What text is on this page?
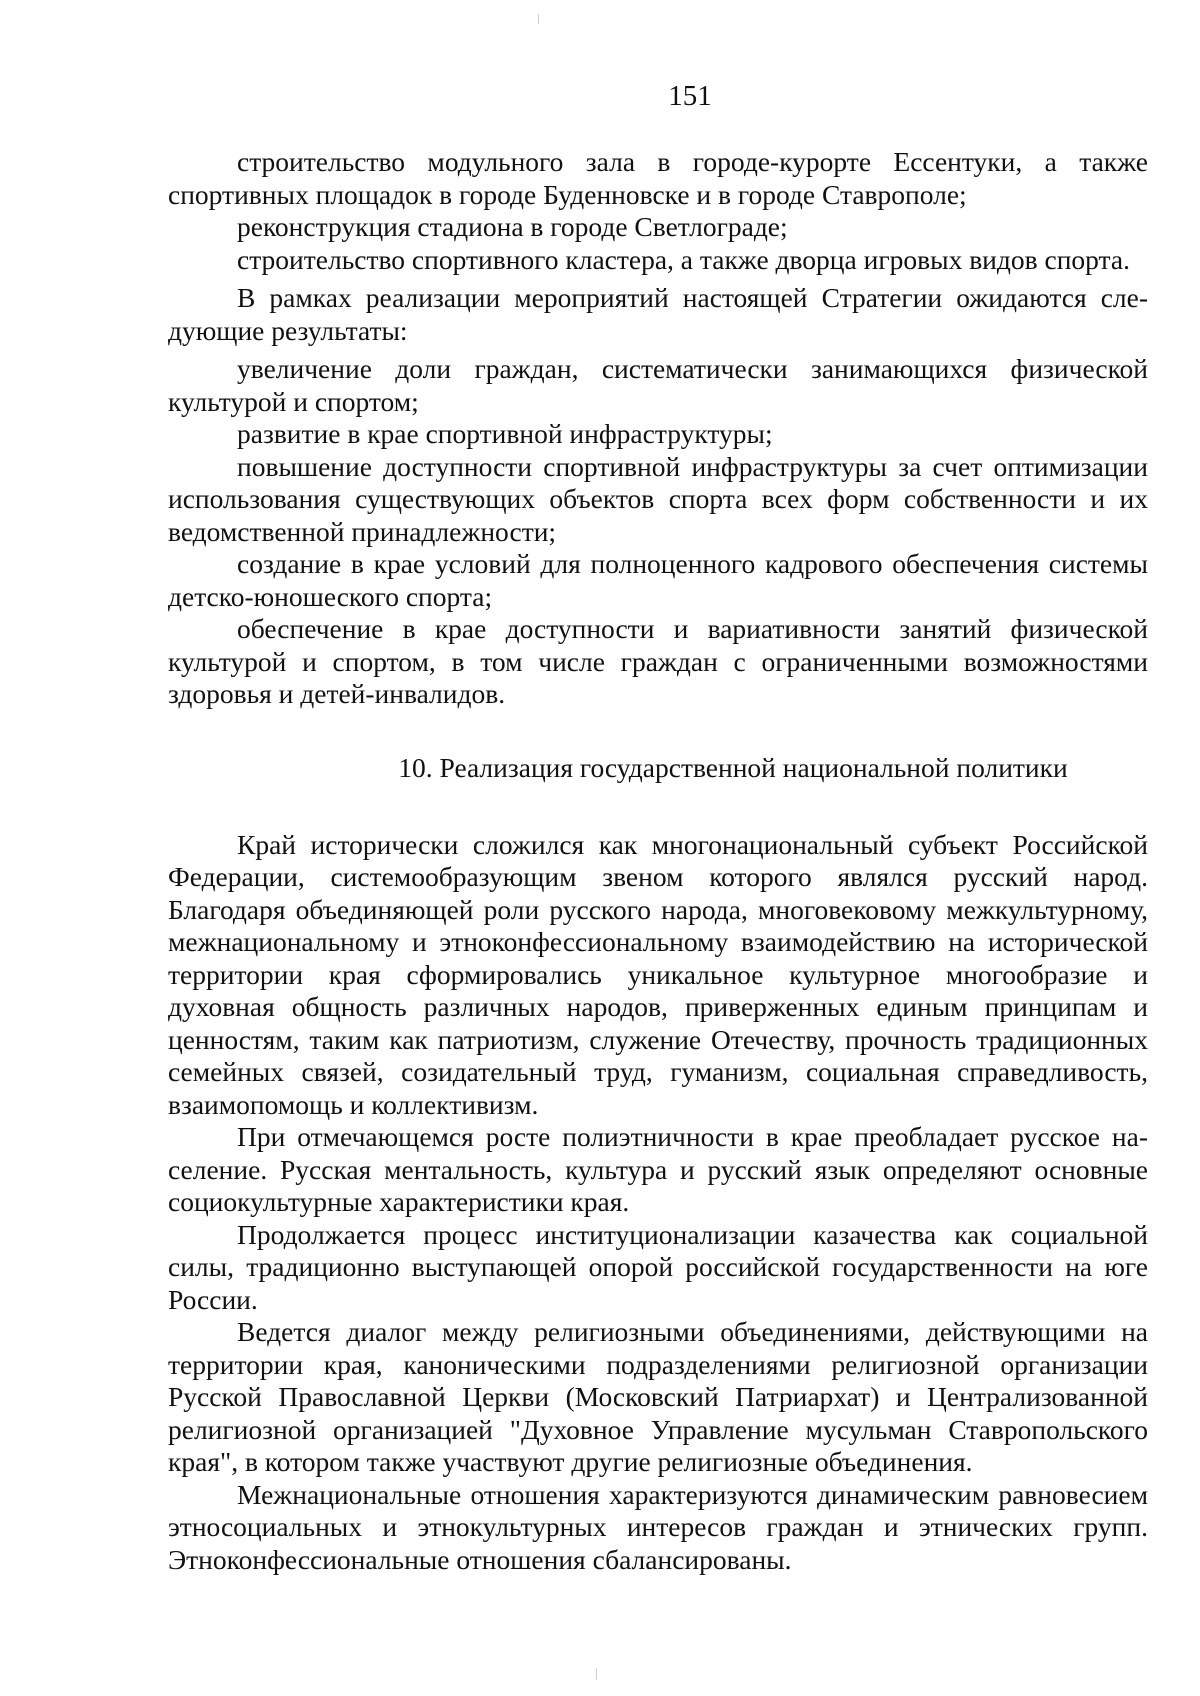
151

строительство модульного зала в городе-курорте Ессентуки, а также спортивных площадок в городе Буденновске и в городе Ставрополе;

реконструкция стадиона в городе Светлограде;

строительство спортивного кластера, а также дворца игровых видов спорта.

В рамках реализации мероприятий настоящей Стратегии ожидаются следующие результаты:

увеличение доли граждан, систематически занимающихся физической культурой и спортом;

развитие в крае спортивной инфраструктуры;

повышение доступности спортивной инфраструктуры за счет оптимизации использования существующих объектов спорта всех форм собственности и их ведомственной принадлежности;

создание в крае условий для полноценного кадрового обеспечения системы детско-юношеского спорта;

обеспечение в крае доступности и вариативности занятий физической культурой и спортом, в том числе граждан с ограниченными возможностями здоровья и детей-инвалидов.

10. Реализация государственной национальной политики

Край исторически сложился как многонациональный субъект Российской Федерации, системообразующим звеном которого являлся русский народ. Благодаря объединяющей роли русского народа, многовековому межкультурному, межнациональному и этноконфессиональному взаимодействию на исторической территории края сформировались уникальное культурное многообразие и духовная общность различных народов, приверженных единым принципам и ценностям, таким как патриотизм, служение Отечеству, прочность традиционных семейных связей, созидательный труд, гуманизм, социальная справедливость, взаимопомощь и коллективизм.

При отмечающемся росте полиэтничности в крае преобладает русское население. Русская ментальность, культура и русский язык определяют основные социокультурные характеристики края.

Продолжается процесс институционализации казачества как социальной силы, традиционно выступающей опорой российской государственности на юге России.

Ведется диалог между религиозными объединениями, действующими на территории края, каноническими подразделениями религиозной организации Русской Православной Церкви (Московский Патриархат) и Централизованной религиозной организацией "Духовное Управление мусульман Ставропольского края", в котором также участвуют другие религиозные объединения.

Межнациональные отношения характеризуются динамическим равновесием этносоциальных и этнокультурных интересов граждан и этнических групп. Этноконфессиональные отношения сбалансированы.
